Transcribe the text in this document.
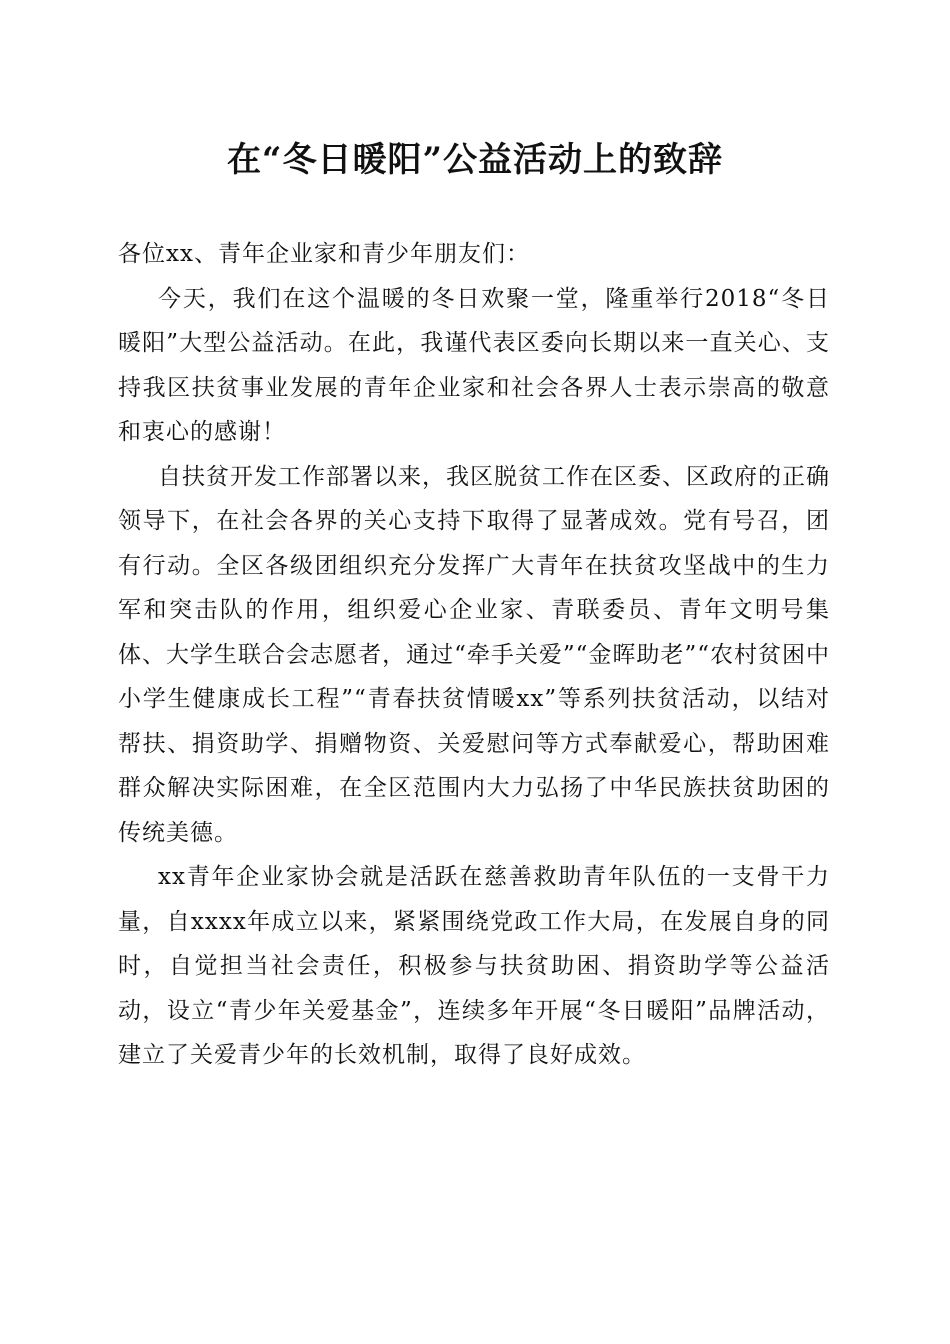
在“冬日暖阳”公益活动上的致辞

各位xx、青年企业家和青少年朋友们：

今天，我们在这个温暖的冬日欢聚一堂，隆重举行2018“冬日暖阳”大型公益活动。在此，我谨代表区委向长期以来一直关心、支持我区扶贫事业发展的青年企业家和社会各界人士表示崇高的敬意和衷心的感谢！

自扶贫开发工作部署以来，我区脱贫工作在区委、区政府的正确领导下，在社会各界的关心支持下取得了显著成效。党有号召，团有行动。全区各级团组织充分发挥广大青年在扶贫攻坚战中的生力军和突击队的作用，组织爱心企业家、青联委员、青年文明号集体、大学生联合会志愿者，通过“牵手关爱”“金晖助老”“农村贫困中小学生健康成长工程”“青春扶贫情暖xx”等系列扶贫活动，以结对帮扶、捐资助学、捐赠物资、关爱慰问等方式奉献爱心，帮助困难群众解决实际困难，在全区范围内大力弘扬了中华民族扶贫助困的传统美德。

xx青年企业家协会就是活跃在慈善救助青年队伍的一支骨干力量，自xxxx年成立以来，紧紧围绕党政工作大局，在发展自身的同时，自觉担当社会责任，积极参与扶贫助困、捐资助学等公益活动，设立“青少年关爱基金”，连续多年开展“冬日暖阳”品牌活动，建立了关爱青少年的长效机制，取得了良好成效。
